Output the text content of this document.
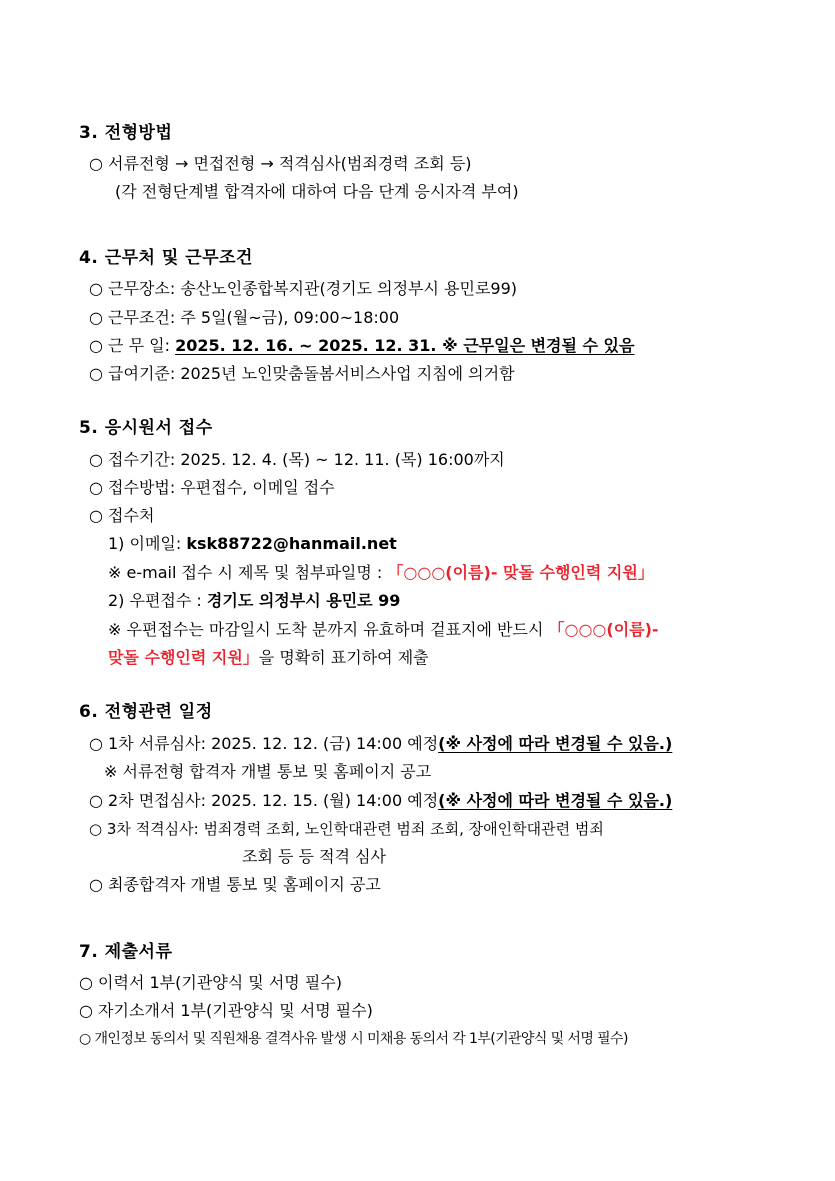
3. 전형방법
○ 서류전형 → 면접전형 → 적격심사(범죄경력 조회 등)
(각 전형단계별 합격자에 대하여 다음 단계 응시자격 부여)
4. 근무처 및 근무조건
○ 근무장소: 송산노인종합복지관(경기도 의정부시 용민로99)
○ 근무조건: 주 5일(월~금), 09:00~18:00
○ 근 무 일: 2025. 12. 16. ~ 2025. 12. 31. ※ 근무일은 변경될 수 있음
○ 급여기준: 2025년 노인맞춤돌봄서비스사업 지침에 의거함
5. 응시원서 접수
○ 접수기간: 2025. 12. 4. (목) ~ 12. 11. (목) 16:00까지
○ 접수방법: 우편접수, 이메일 접수
○ 접수처
1) 이메일: ksk88722@hanmail.net
※ e-mail 접수 시 제목 및 첨부파일명 : 「○○○(이름)- 맞돌 수행인력 지원」
2) 우편접수 : 경기도 의정부시 용민로 99
※ 우편접수는 마감일시 도착 분까지 유효하며 겉표지에 반드시 「○○○(이름)-
맞돌 수행인력 지원」을 명확히 표기하여 제출
6. 전형관련 일정
○ 1차 서류심사: 2025. 12. 12. (금) 14:00 예정(※ 사정에 따라 변경될 수 있음.)
※ 서류전형 합격자 개별 통보 및 홈페이지 공고
○ 2차 면접심사: 2025. 12. 15. (월) 14:00 예정(※ 사정에 따라 변경될 수 있음.)
○ 3차 적격심사: 범죄경력 조회, 노인학대관련 범죄 조회, 장애인학대관련 범죄
조회 등 등 적격 심사
○ 최종합격자 개별 통보 및 홈페이지 공고
7. 제출서류
○ 이력서 1부(기관양식 및 서명 필수)
○ 자기소개서 1부(기관양식 및 서명 필수)
○ 개인정보 동의서 및 직원채용 결격사유 발생 시 미채용 동의서 각 1부(기관양식 및 서명 필수)
